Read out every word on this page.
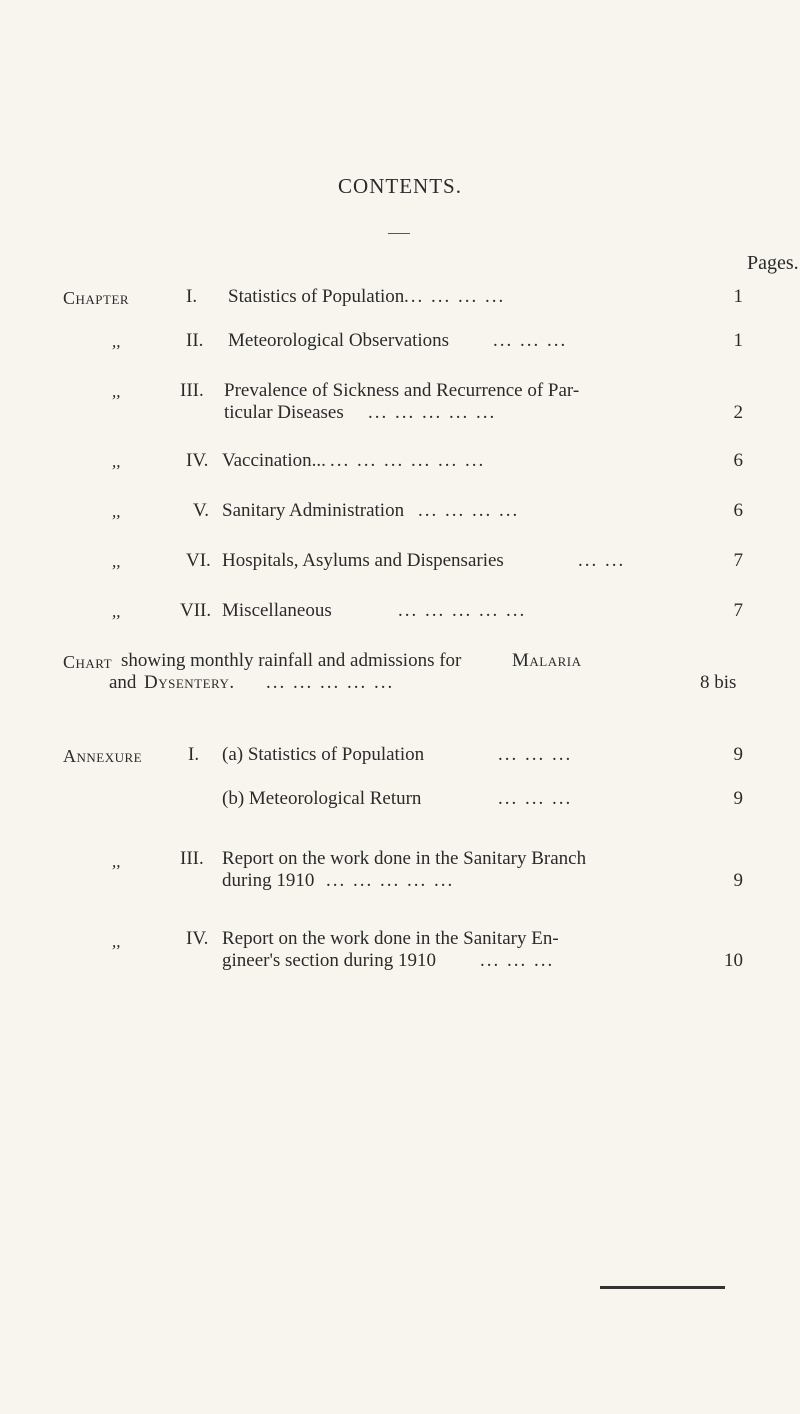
CONTENTS.
Pages.
Chapter	I. Statistics of Population ... ... ... ...	1
,,	II. Meteorological Observations ... ... ...	1
,,	III. Prevalence of Sickness and Recurrence of Par-
ticular Diseases ... ... ... ... ...	2
,,	IV. Vaccination... ... ... ... ... ... ...	6
,,	V. Sanitary Administration ... ... ... ...	6
,,	VI. Hospitals, Asylums and Dispensaries	... ...	7
,,	VII. Miscellaneous	... ... ... ... ...	7
Chart showing monthly rainfall and admissions for	Malaria
and Dysentery. ... ... ... ... ...	8 bis
Annexure I. (a) Statistics of Population	... ... ...	9
(b) Meteorological Return	... ... ...	9
,,	III. Report on the work done in the Sanitary Branch
during 1910 ... ... ... ... ...	9
,,	IV. Report on the work done in the Sanitary En-
gineer's section during 1910 ... ... ...	10
